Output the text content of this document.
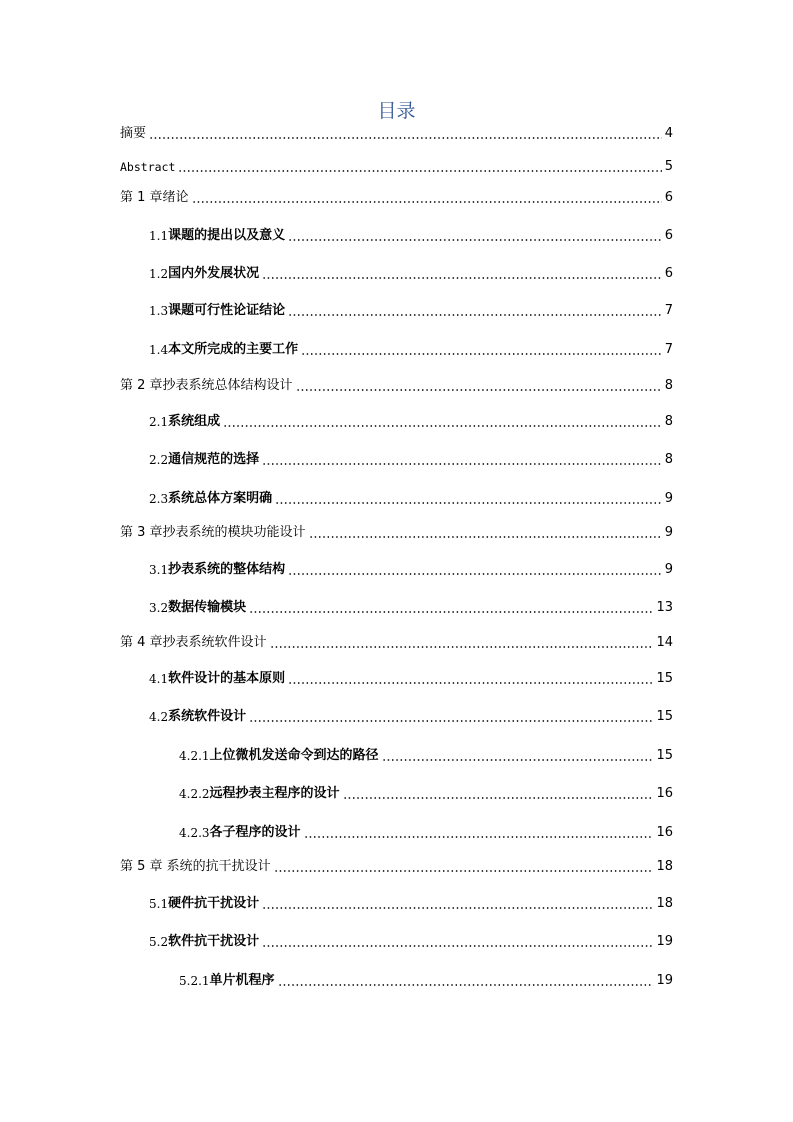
目录
摘要	4
Abstract	5
第 1 章绪论	6
1.1 课题的提出以及意义	6
1.2 国内外发展状况	6
1.3 课题可行性论证结论	7
1.4 本文所完成的主要工作	7
第 2 章抄表系统总体结构设计	8
2.1 系统组成	8
2.2 通信规范的选择	8
2.3 系统总体方案明确	9
第 3 章抄表系统的模块功能设计	9
3.1 抄表系统的整体结构	9
3.2 数据传输模块	13
第 4 章抄表系统软件设计	14
4.1 软件设计的基本原则	15
4.2 系统软件设计	15
4.2.1 上位微机发送命令到达的路径	15
4.2.2 远程抄表主程序的设计	16
4.2.3 各子程序的设计	16
第 5 章 系统的抗干扰设计	18
5.1 硬件抗干扰设计	18
5.2 软件抗干扰设计	19
5.2.1 单片机程序	19
